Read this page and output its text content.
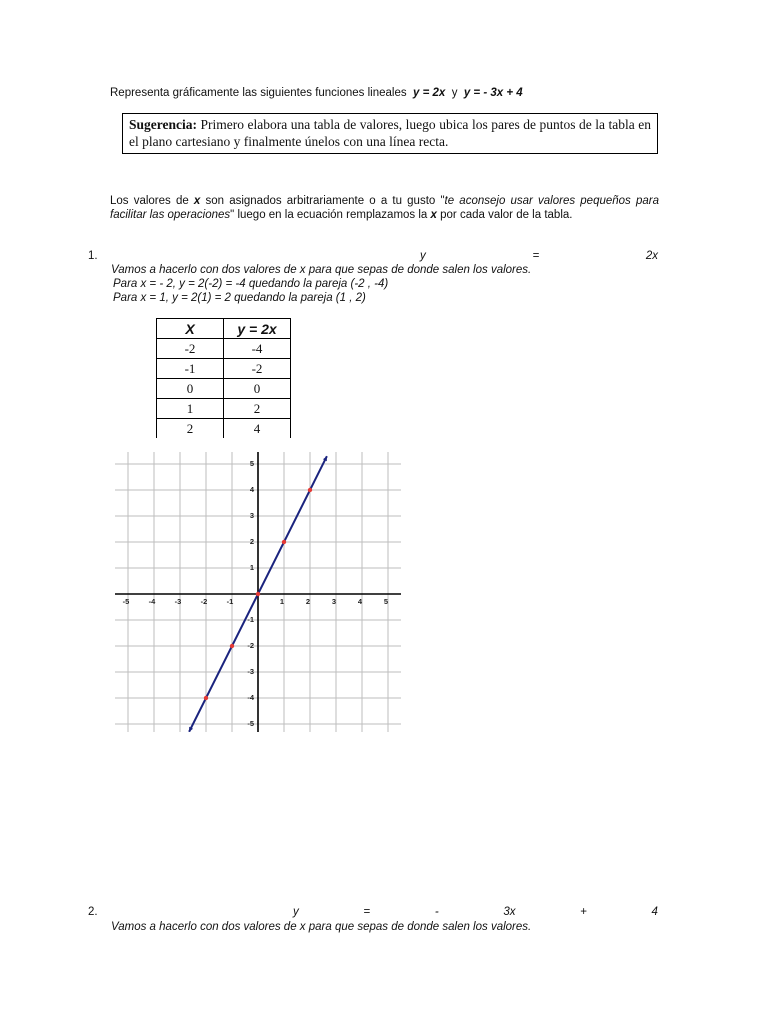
Representa gráficamente las siguientes funciones lineales y = 2x y y = - 3x + 4
Sugerencia: Primero elabora una tabla de valores, luego ubica los pares de puntos de la tabla en el plano cartesiano y finalmente únelos con una línea recta.
Los valores de x son asignados arbitrariamente o a tu gusto "te aconsejo usar valores pequeños para facilitar las operaciones" luego en la ecuación remplazamos la x por cada valor de la tabla.
1.	y	=	2x
Vamos a hacerlo con dos valores de x para que sepas de donde salen los valores.
Para x = - 2, y = 2(-2) = -4 quedando la pareja (-2 , -4)
Para x = 1, y = 2(1) = 2 quedando la pareja (1 , 2)
X	y = 2x
-2	-4
-1	-2
0	0
1	2
2	4
-5	-4	-3	-2	-1	1	2	3	4	5
5
4
3
2
1
-1
-2
-3
-4
-5
2.	y	=	-	3x	+	4
Vamos a hacerlo con dos valores de x para que sepas de donde salen los valores.
